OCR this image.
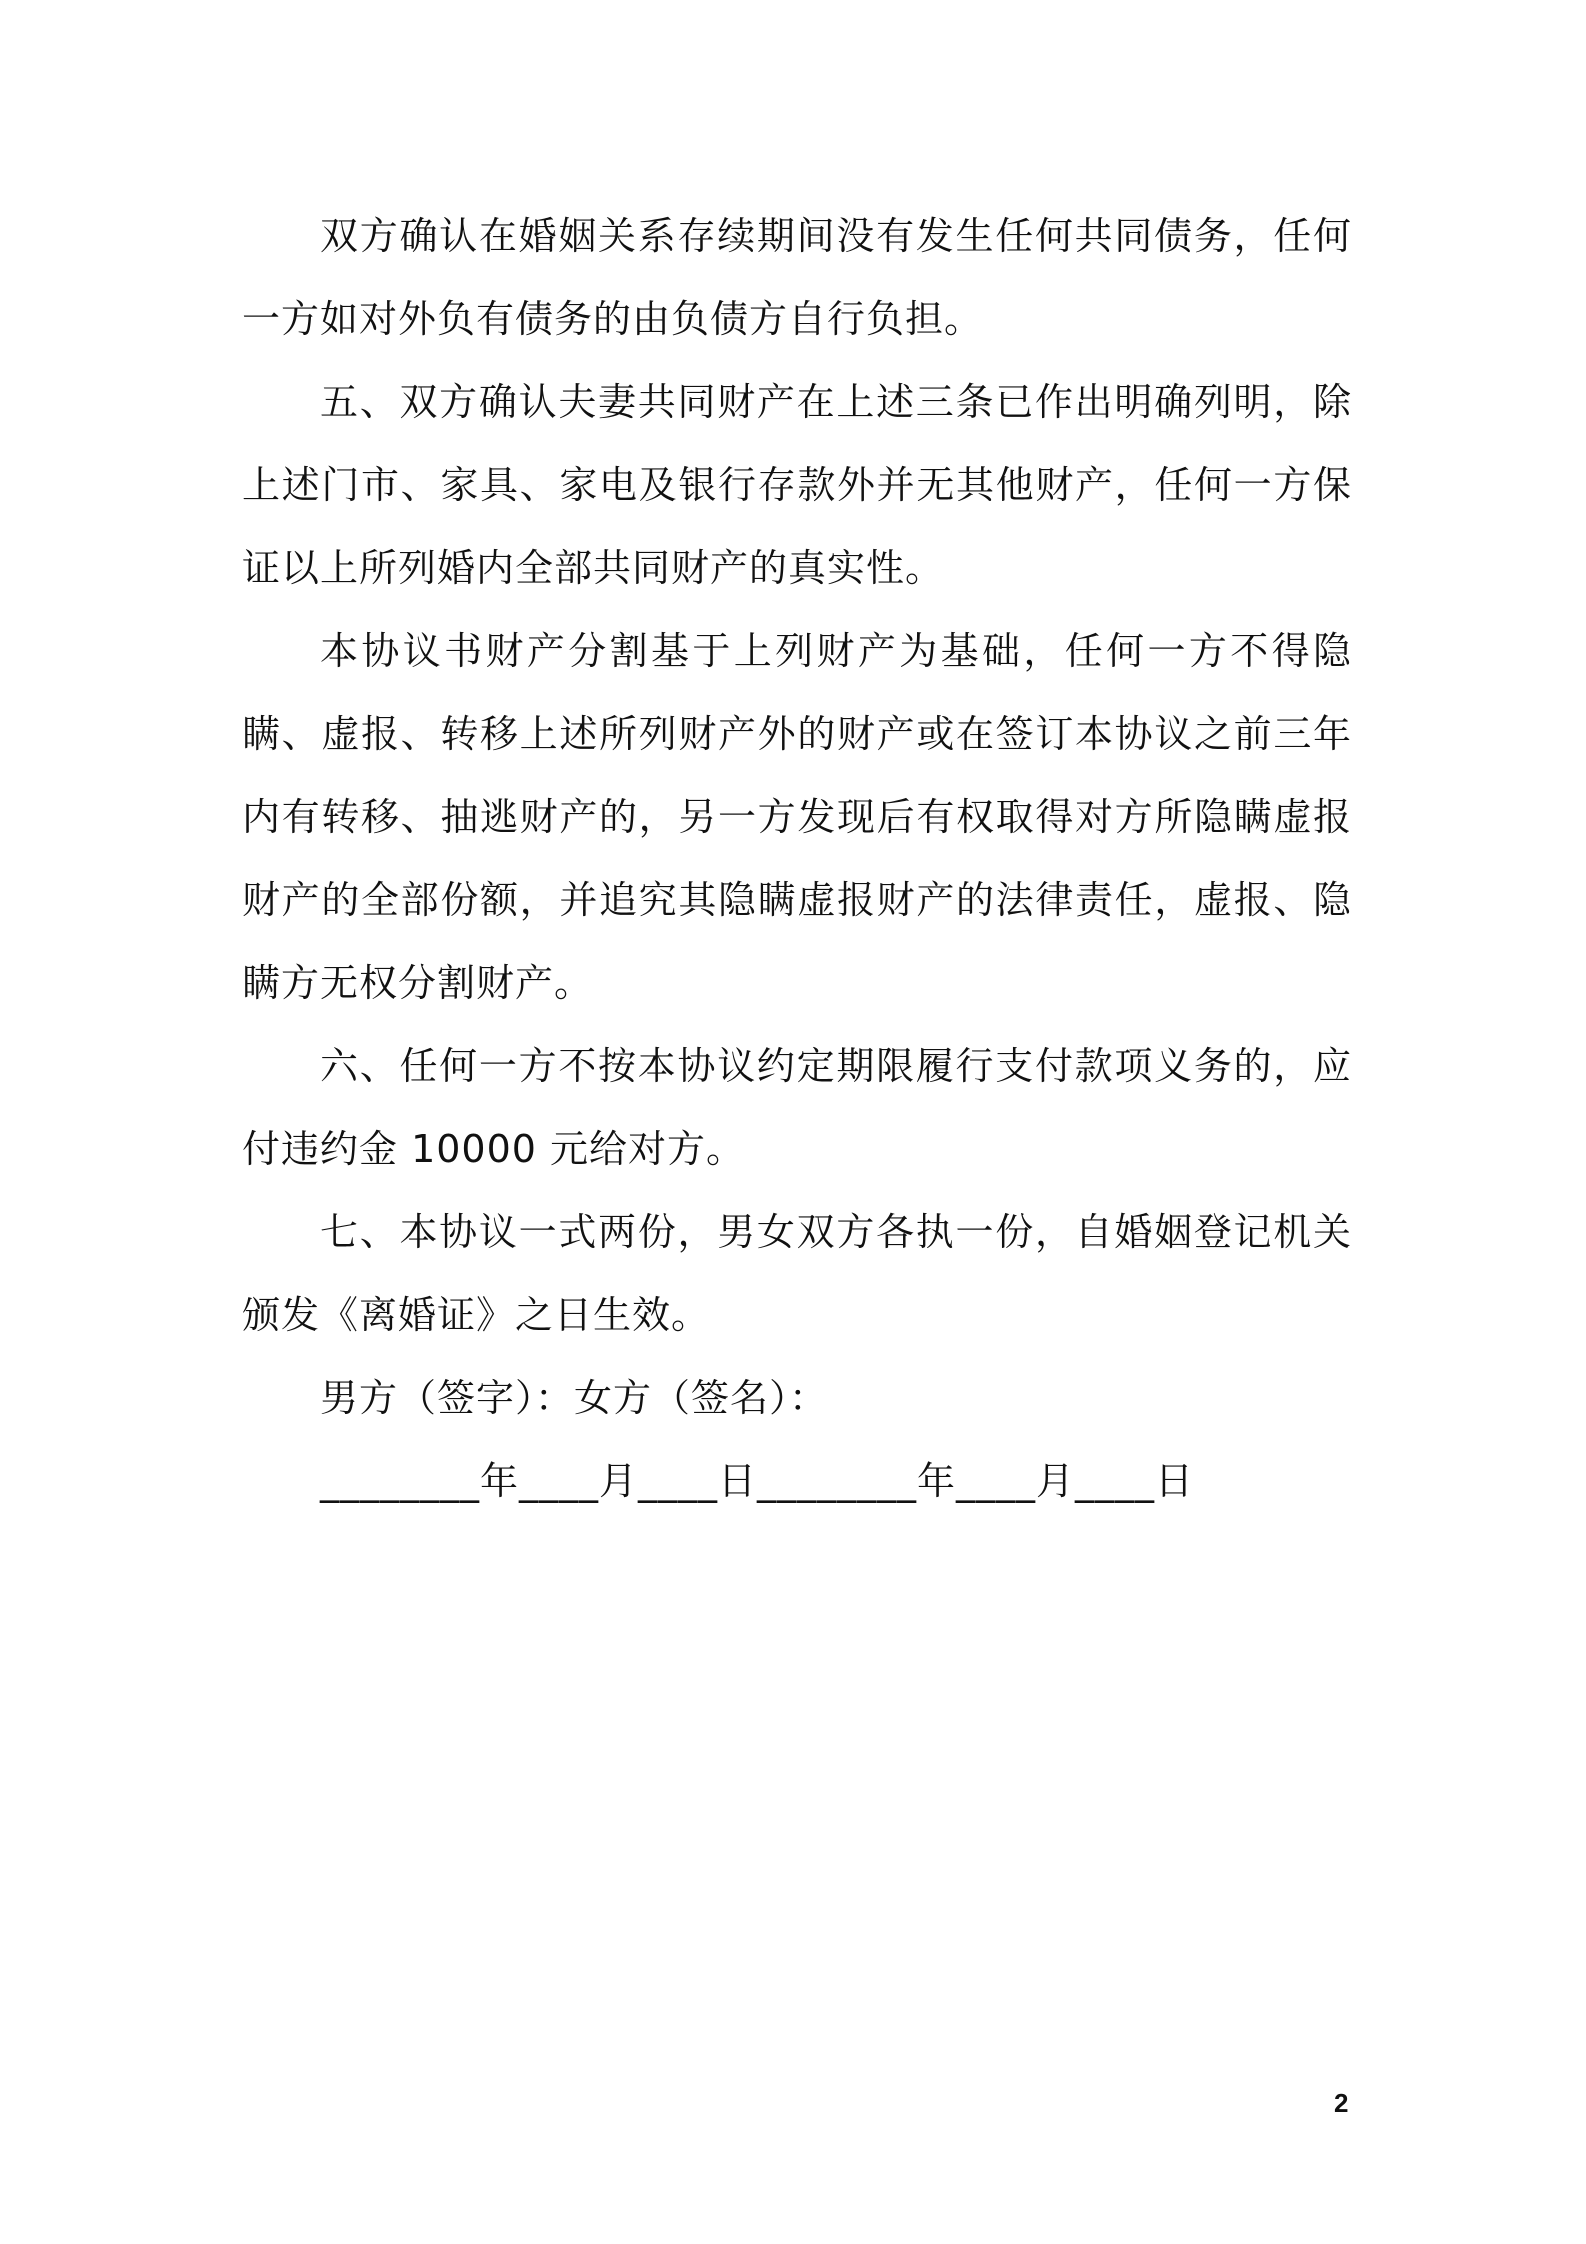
双方确认在婚姻关系存续期间没有发生任何共同债务，任何一方如对外负有债务的由负债方自行负担。

五、双方确认夫妻共同财产在上述三条已作出明确列明，除上述门市、家具、家电及银行存款外并无其他财产，任何一方保证以上所列婚内全部共同财产的真实性。

本协议书财产分割基于上列财产为基础，任何一方不得隐瞒、虚报、转移上述所列财产外的财产或在签订本协议之前三年内有转移、抽逃财产的，另一方发现后有权取得对方所隐瞒虚报财产的全部份额，并追究其隐瞒虚报财产的法律责任，虚报、隐瞒方无权分割财产。

六、任何一方不按本协议约定期限履行支付款项义务的，应付违约金 10000 元给对方。

七、本协议一式两份，男女双方各执一份，自婚姻登记机关颁发《离婚证》之日生效。

男方（签字）：女方（签名）：

________年____月____日________年____月____日

2
